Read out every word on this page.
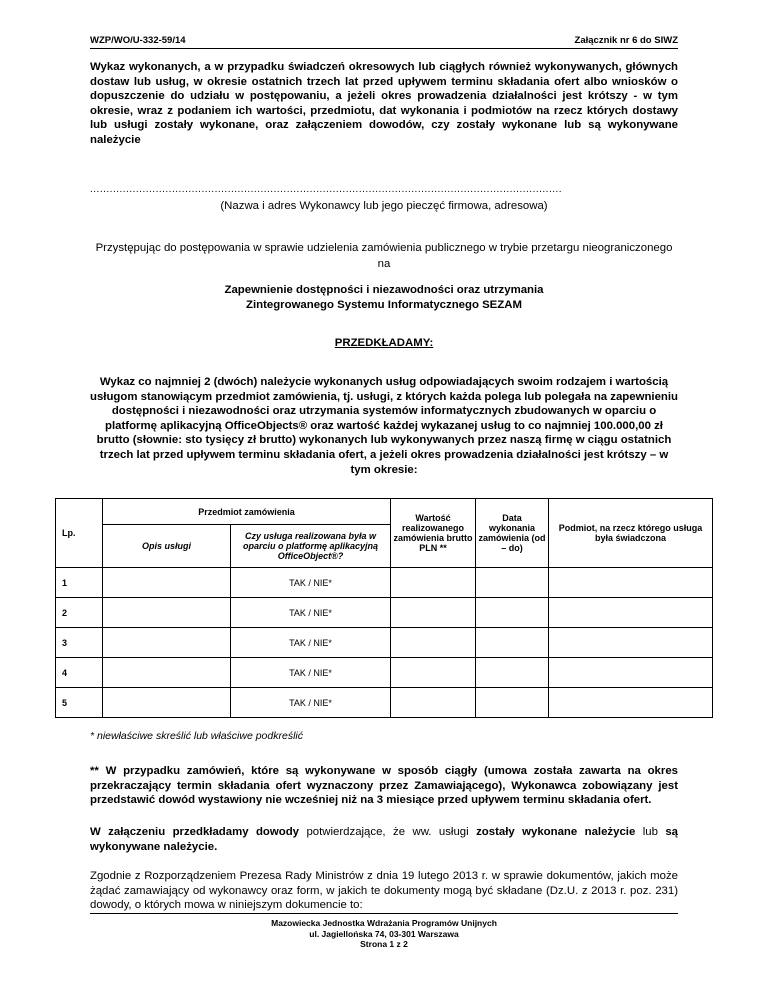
WZP/WO/U-332-59/14	Załącznik nr 6 do SIWZ
Wykaz wykonanych, a w przypadku świadczeń okresowych lub ciągłych również wykonywanych, głównych dostaw lub usług, w okresie ostatnich trzech lat przed upływem terminu składania ofert albo wniosków o dopuszczenie do udziału w postępowaniu, a jeżeli okres prowadzenia działalności jest krótszy - w tym okresie, wraz z podaniem ich wartości, przedmiotu, dat wykonania i podmiotów na rzecz których dostawy lub usługi zostały wykonane, oraz załączeniem dowodów, czy zostały wykonane lub są wykonywane należycie
................................................................................................................................................
(Nazwa i adres Wykonawcy lub jego pieczęć firmowa, adresowa)
Przystępując do postępowania w sprawie udzielenia zamówienia publicznego w trybie przetargu nieograniczonego na
Zapewnienie dostępności i niezawodności oraz utrzymania
Zintegrowanego Systemu Informatycznego SEZAM
PRZEDKŁADAMY:
Wykaz co najmniej 2 (dwóch) należycie wykonanych usług odpowiadających swoim rodzajem i wartością usługom stanowiącym przedmiot zamówienia, tj. usługi, z których każda polega lub polegała na zapewnieniu dostępności i niezawodności oraz utrzymania systemów informatycznych zbudowanych w oparciu o platformę aplikacyjną OfficeObjects® oraz wartość każdej wykazanej usług to co najmniej 100.000,00 zł brutto (słownie: sto tysięcy zł brutto) wykonanych lub wykonywanych przez naszą firmę w ciągu ostatnich trzech lat przed upływem terminu składania ofert, a jeżeli okres prowadzenia działalności jest krótszy – w tym okresie:
Lp.	Przedmiot zamówienia		Wartość realizowanego zamówienia brutto PLN **	Data wykonania zamówienia (od – do)	Podmiot, na rzecz którego usługa była świadczona
	Opis usługi	Czy usługa realizowana była w oparciu o platformę aplikacyjną OfficeObject®?			
1		TAK / NIE*			
2		TAK / NIE*			
3		TAK / NIE*			
4		TAK / NIE*			
5		TAK / NIE*			
* niewłaściwe skreślić lub właściwe podkreślić
** W przypadku zamówień, które są wykonywane w sposób ciągły (umowa została zawarta na okres przekraczający termin składania ofert wyznaczony przez Zamawiającego), Wykonawca zobowiązany jest przedstawić dowód wystawiony nie wcześniej niż na 3 miesiące przed upływem terminu składania ofert.
W załączeniu przedkładamy dowody potwierdzające, że ww. usługi zostały wykonane należycie lub są wykonywane należycie.
Zgodnie z Rozporządzeniem Prezesa Rady Ministrów z dnia 19 lutego 2013 r. w sprawie dokumentów, jakich może żądać zamawiający od wykonawcy oraz form, w jakich te dokumenty mogą być składane (Dz.U. z 2013 r. poz. 231) dowody, o których mowa w niniejszym dokumencie to:
Mazowiecka Jednostka Wdrażania Programów Unijnych
ul. Jagiellońska 74, 03-301 Warszawa
Strona 1 z 2
